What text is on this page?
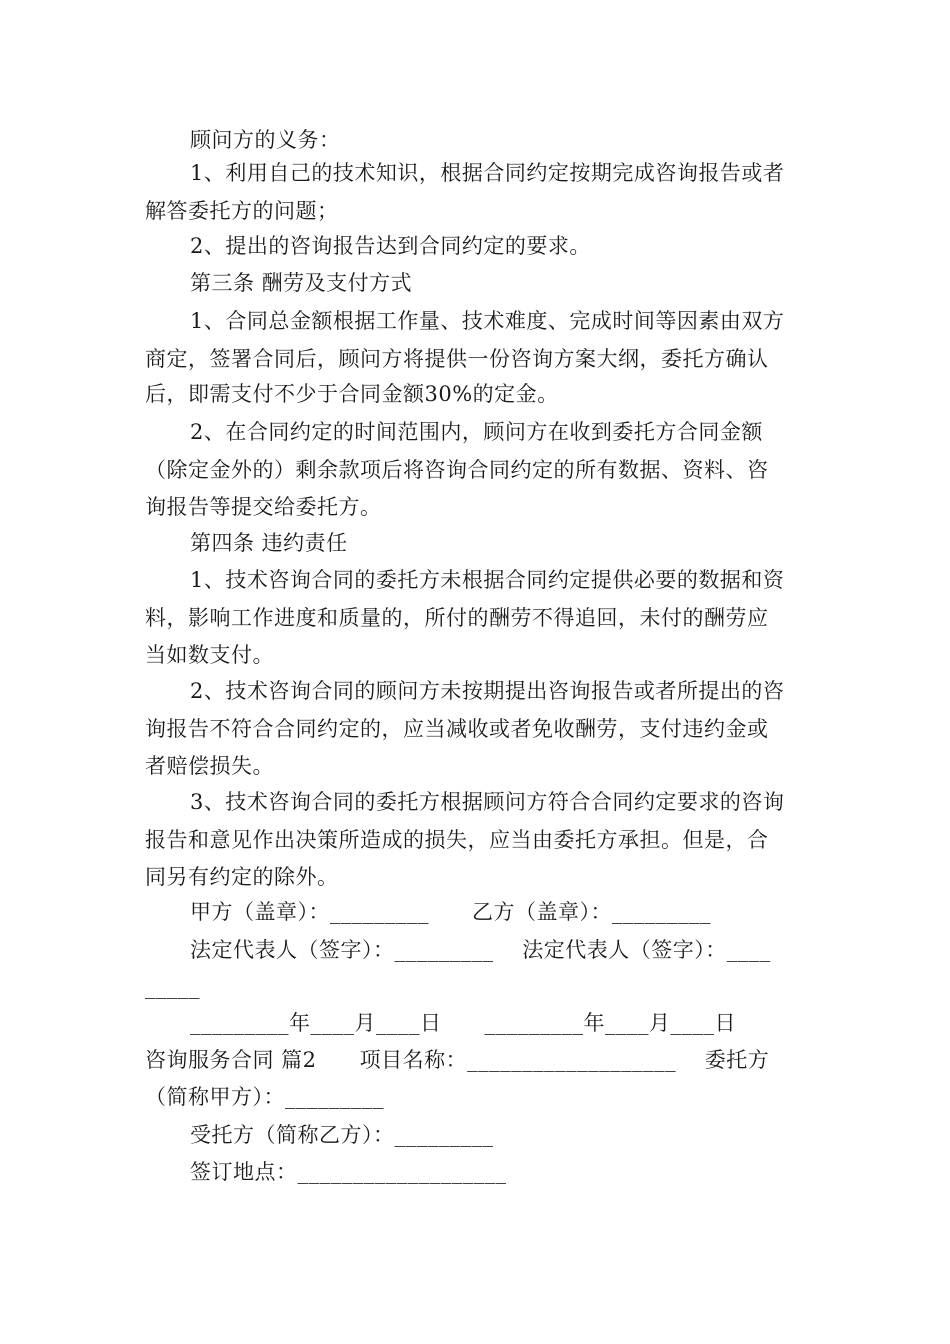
顾问方的义务：
1、利用自己的技术知识，根据合同约定按期完成咨询报告或者
解答委托方的问题；
2、提出的咨询报告达到合同约定的要求。
第三条 酬劳及支付方式
1、合同总金额根据工作量、技术难度、完成时间等因素由双方
商定，签署合同后，顾问方将提供一份咨询方案大纲，委托方确认
后，即需支付不少于合同金额30%的定金。
2、在合同约定的时间范围内，顾问方在收到委托方合同金额
（除定金外的）剩余款项后将咨询合同约定的所有数据、资料、咨
询报告等提交给委托方。
第四条 违约责任
1、技术咨询合同的委托方未根据合同约定提供必要的数据和资
料，影响工作进度和质量的，所付的酬劳不得追回，未付的酬劳应
当如数支付。
2、技术咨询合同的顾问方未按期提出咨询报告或者所提出的咨
询报告不符合合同约定的，应当减收或者免收酬劳，支付违约金或
者赔偿损失。
3、技术咨询合同的委托方根据顾问方符合合同约定要求的咨询
报告和意见作出决策所造成的损失，应当由委托方承担。但是，合
同另有约定的除外。
甲方（盖章）：_________      乙方（盖章）：_________
法定代表人（签字）：_________    法定代表人（签字）：____
_____
_________年____月____日      _________年____月____日
咨询服务合同 篇2      项目名称：___________________    委托方
（简称甲方）：_________
受托方（简称乙方）：_________
签订地点：___________________
